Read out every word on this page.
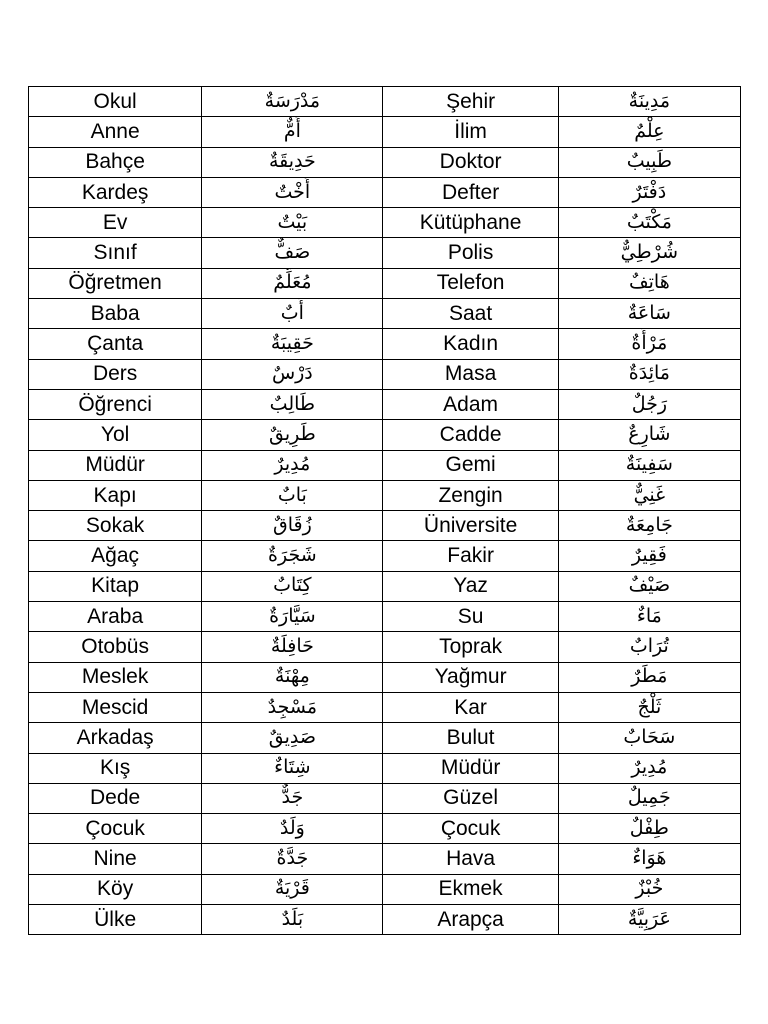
Okul	مَدْرَسَةٌ	Şehir	مَدِينَةٌ
Anne	أُمٌّ	İlim	عِلْمٌ
Bahçe	حَدِيقَةٌ	Doktor	طَبِيبٌ
Kardeş	أُخْتٌ	Defter	دَفْتَرٌ
Ev	بَيْتٌ	Kütüphane	مَكْتَبٌ
Sınıf	صَفٌّ	Polis	شُرْطِيٌّ
Öğretmen	مُعَلِّمٌ	Telefon	هَاتِفٌ
Baba	أَبٌ	Saat	سَاعَةٌ
Çanta	حَقِيبَةٌ	Kadın	مَرْأَةٌ
Ders	دَرْسٌ	Masa	مَائِدَةٌ
Öğrenci	طَالِبٌ	Adam	رَجُلٌ
Yol	طَرِيقٌ	Cadde	شَارِعٌ
Müdür	مُدِيرٌ	Gemi	سَفِينَةٌ
Kapı	بَابٌ	Zengin	غَنِيٌّ
Sokak	زُقَاقٌ	Üniversite	جَامِعَةٌ
Ağaç	شَجَرَةٌ	Fakir	فَقِيرٌ
Kitap	كِتَابٌ	Yaz	صَيْفٌ
Araba	سَيَّارَةٌ	Su	مَاءٌ
Otobüs	حَافِلَةٌ	Toprak	تُرَابٌ
Meslek	مِهْنَةٌ	Yağmur	مَطَرٌ
Mescid	مَسْجِدٌ	Kar	ثَلْجٌ
Arkadaş	صَدِيقٌ	Bulut	سَحَابٌ
Kış	شِتَاءٌ	Müdür	مُدِيرٌ
Dede	جَدٌّ	Güzel	جَمِيلٌ
Çocuk	وَلَدٌ	Çocuk	طِفْلٌ
Nine	جَدَّةٌ	Hava	هَوَاءٌ
Köy	قَرْيَةٌ	Ekmek	خُبْزٌ
Ülke	بَلَدٌ	Arapça	عَرَبِيَّةٌ
